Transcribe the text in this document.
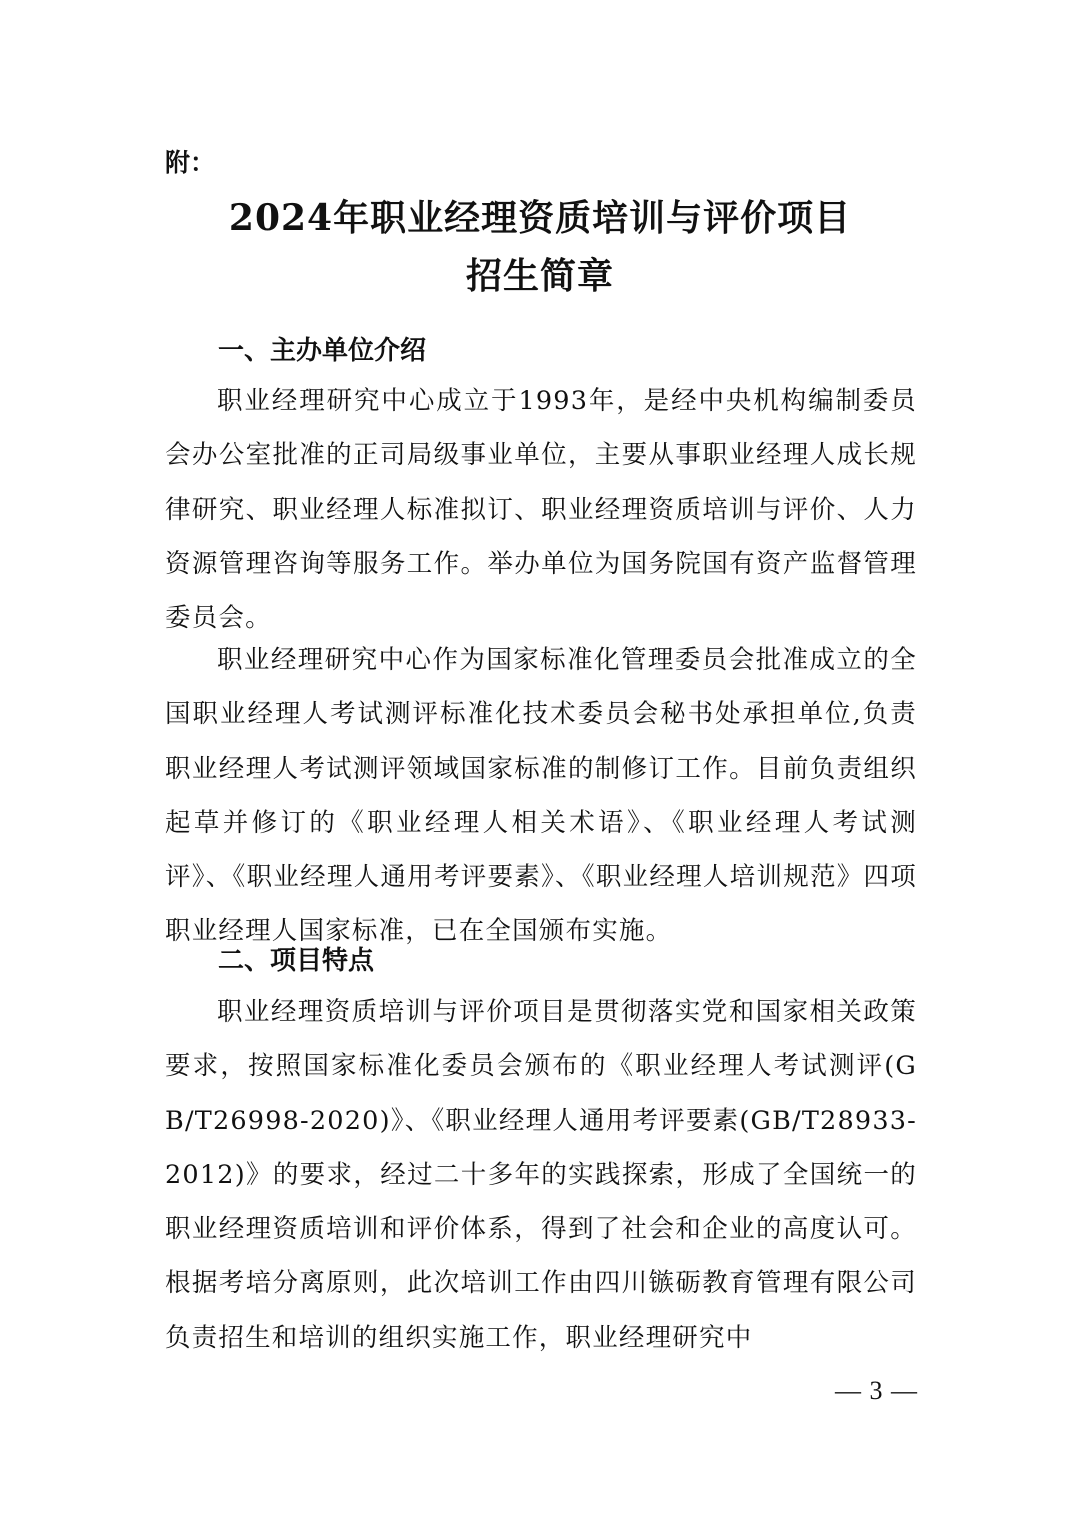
附：
2024年职业经理资质培训与评价项目
招生简章
一、主办单位介绍

职业经理研究中心成立于1993年，是经中央机构编制委员会办公室批准的正司局级事业单位，主要从事职业经理人成长规律研究、职业经理人标准拟订、职业经理资质培训与评价、人力资源管理咨询等服务工作。举办单位为国务院国有资产监督管理委员会。

职业经理研究中心作为国家标准化管理委员会批准成立的全国职业经理人考试测评标准化技术委员会秘书处承担单位,负责职业经理人考试测评领域国家标准的制修订工作。目前负责组织起草并修订的《职业经理人相关术语》、《职业经理人考试测评》、《职业经理人通用考评要素》、《职业经理人培训规范》四项职业经理人国家标准，已在全国颁布实施。

二、项目特点

职业经理资质培训与评价项目是贯彻落实党和国家相关政策要求，按照国家标准化委员会颁布的《职业经理人考试测评(GB/T26998-2020)》、《职业经理人通用考评要素(GB/T28933-2012)》的要求，经过二十多年的实践探索，形成了全国统一的职业经理资质培训和评价体系，得到了社会和企业的高度认可。根据考培分离原则，此次培训工作由四川镞砺教育管理有限公司负责招生和培训的组织实施工作，职业经理研究中

— 3 —
